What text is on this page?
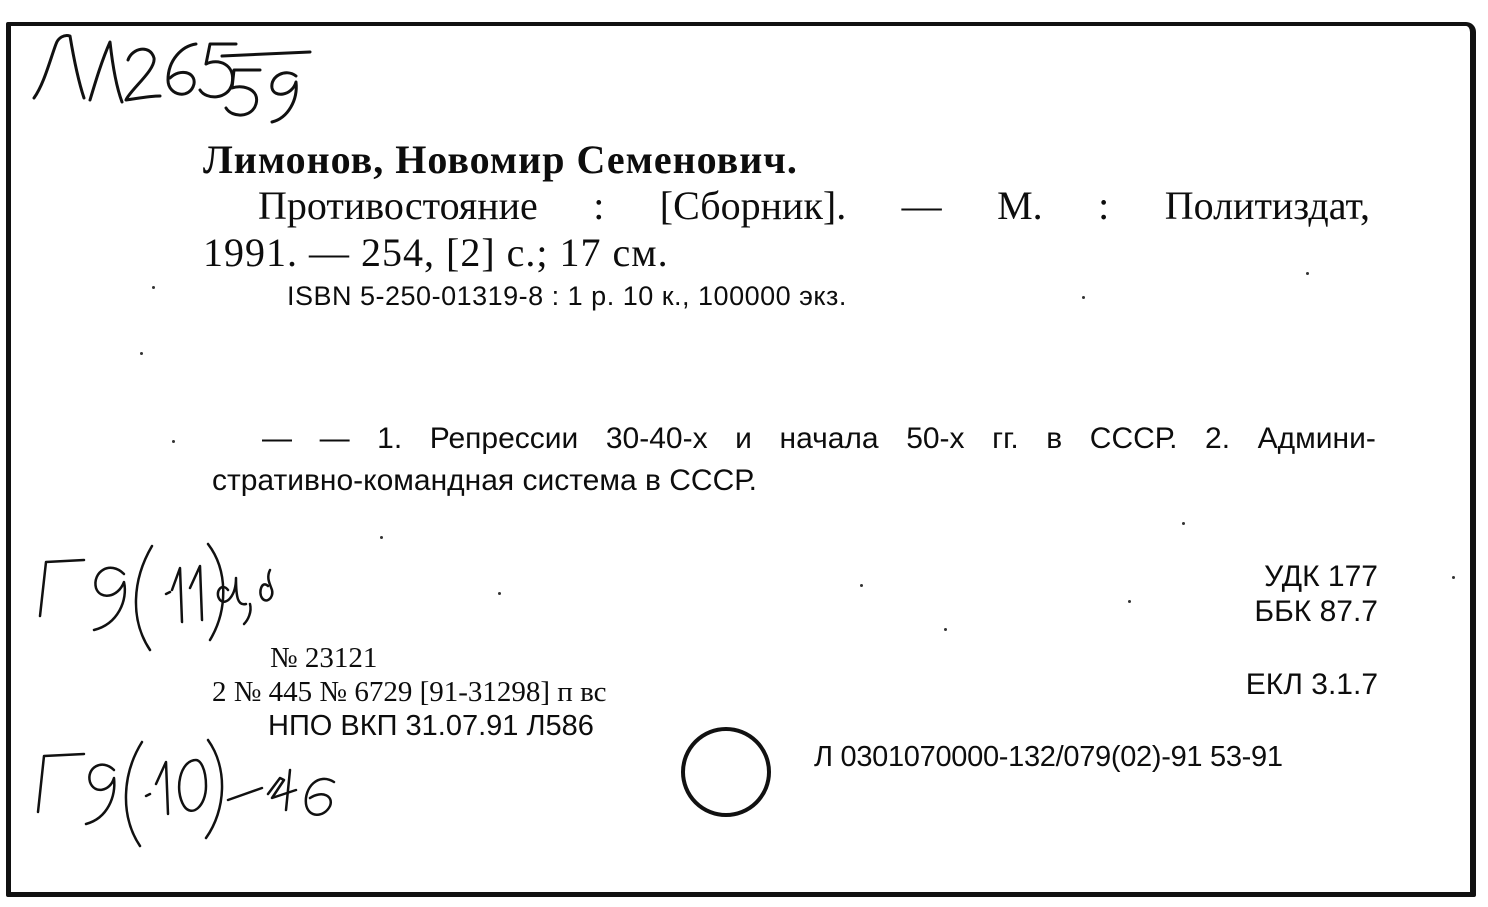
Лимонов, Новомир Семенович.
Противостояние : [Сборник]. — М. : Политиздат,
1991. — 254, [2] с.; 17 см.
ISBN 5-250-01319-8 : 1 р. 10 к., 100000 экз.
— — 1. Репрессии 30-40-х и начала 50-х гг. в СССР. 2. Админи-
стративно-командная система в СССР.
УДК 177
ББК 87.7
ЕКЛ 3.1.7
Л 0301070000-132/079(02)-91 53-91
№ 23121
2 № 445 № 6729 [91-31298] п вс
НПО ВКП 31.07.91 Л586
